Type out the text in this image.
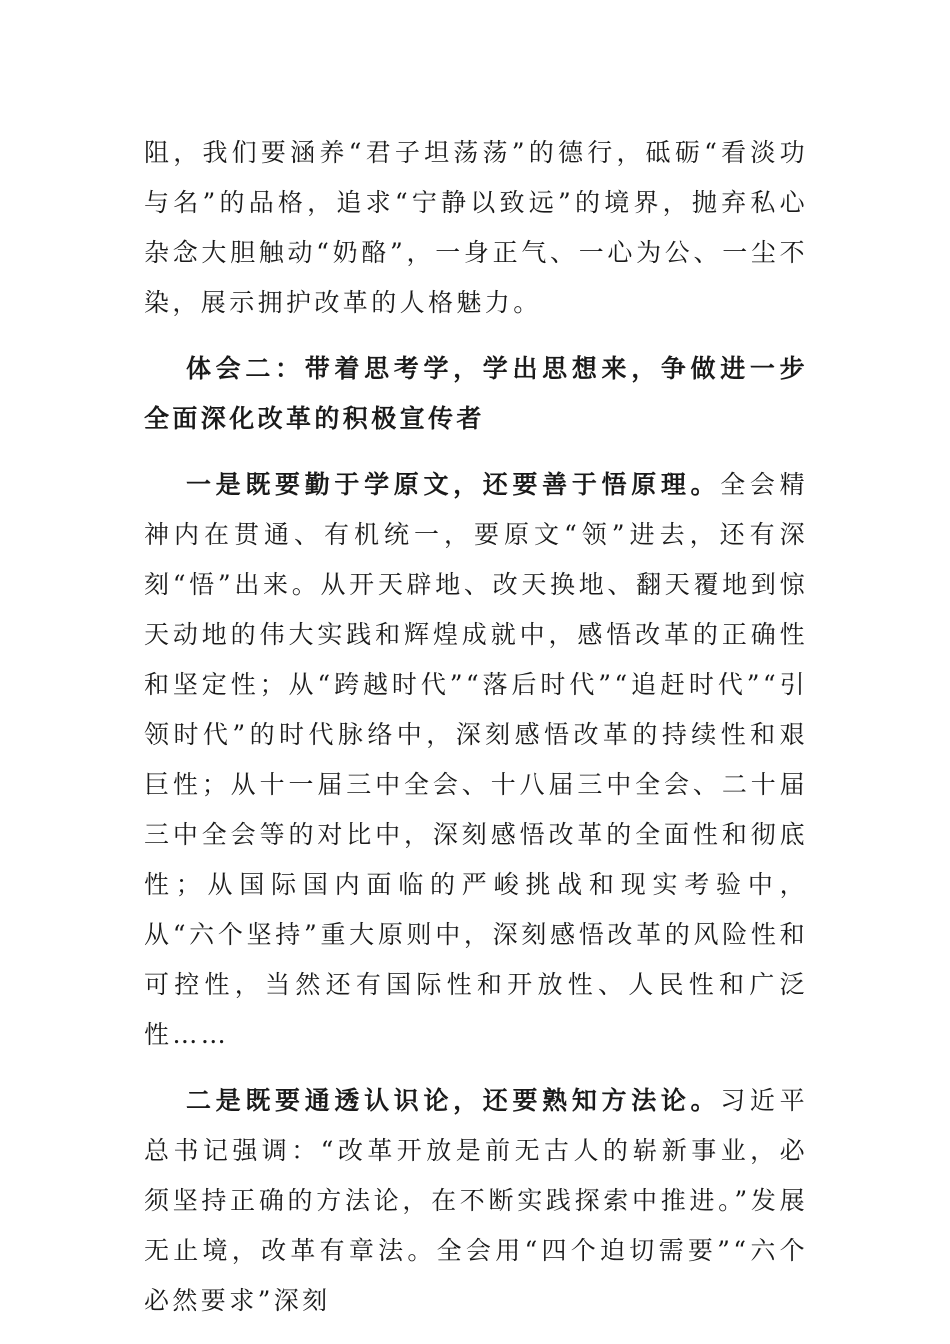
阻，我们要涵养“君子坦荡荡”的德行，砥砺“看淡功与名”的品格，追求“宁静以致远”的境界，抛弃私心杂念大胆触动“奶酪”，一身正气、一心为公、一尘不染，展示拥护改革的人格魅力。

体会二：带着思考学，学出思想来，争做进一步全面深化改革的积极宣传者

一是既要勤于学原文，还要善于悟原理。全会精神内在贯通、有机统一，要原文“领”进去，还有深刻“悟”出来。从开天辟地、改天换地、翻天覆地到惊天动地的伟大实践和辉煌成就中，感悟改革的正确性和坚定性；从“跨越时代”“落后时代”“追赶时代”“引领时代”的时代脉络中，深刻感悟改革的持续性和艰巨性；从十一届三中全会、十八届三中全会、二十届三中全会等的对比中，深刻感悟改革的全面性和彻底性；从国际国内面临的严峻挑战和现实考验中，从“六个坚持”重大原则中，深刻感悟改革的风险性和可控性，当然还有国际性和开放性、人民性和广泛性……

二是既要通透认识论，还要熟知方法论。习近平总书记强调：“改革开放是前无古人的崭新事业，必须坚持正确的方法论，在不断实践探索中推进。”发展无止境，改革有章法。全会用“四个迫切需要”“六个必然要求”深刻
